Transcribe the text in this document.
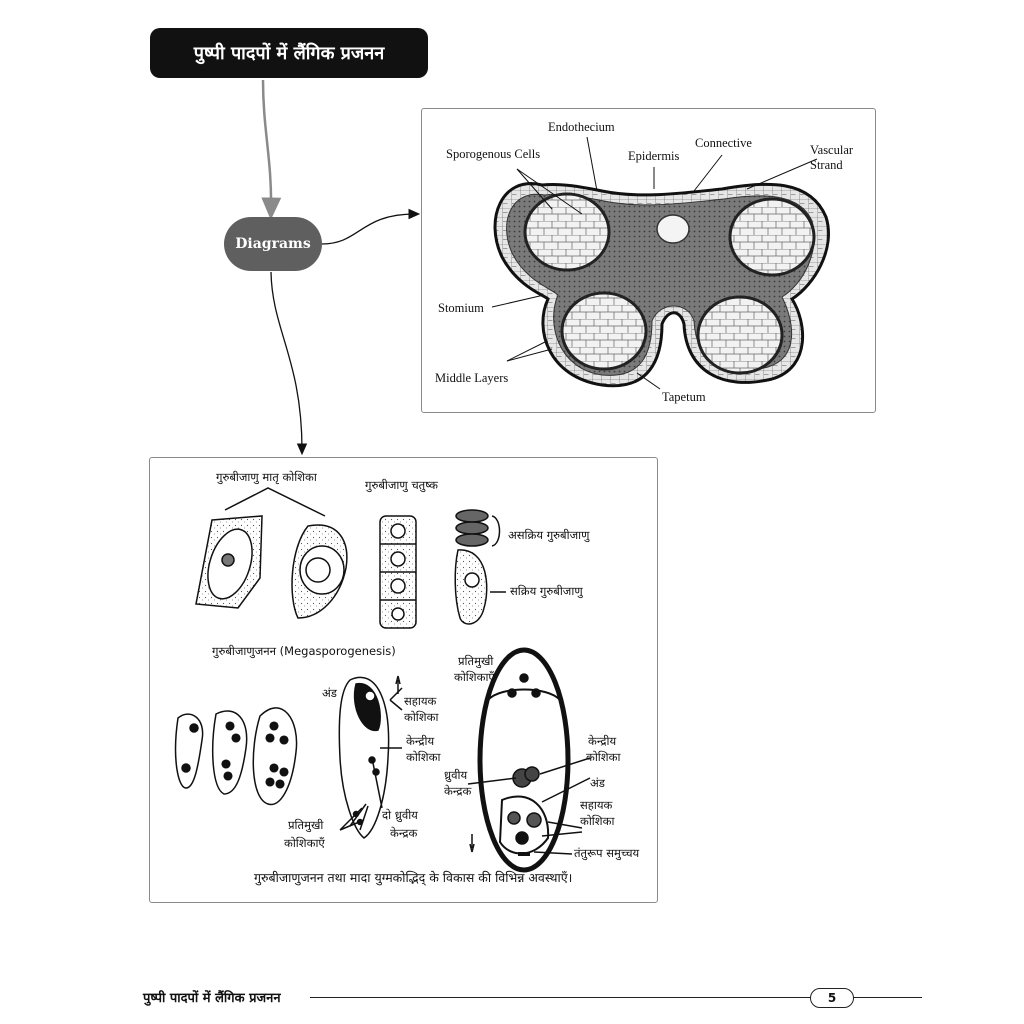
पुष्पी पादपों में लैंगिक प्रजनन
Diagrams
Endothecium
Sporogenous Cells	Epidermis
Connective	Vascular
Strand
Stomium
Middle Layers
Tapetum
गुरुबीजाणु मातृ कोशिका
गुरुबीजाणु चतुष्क
असक्रिय गुरुबीजाणु
सक्रिय गुरुबीजाणु
गुरुबीजाणुजनन (Megasporogenesis)
अंड
सहायक
कोशिका
केन्द्रीय
कोशिका
प्रतिमुखी
कोशिकाएँ
दो ध्रुवीय
केन्द्रक
प्रतिमुखी
कोशिकाएँ
केन्द्रीय
कोशिका
ध्रुवीय
केन्द्रक
अंड
सहायक
कोशिका
तंतुरूप समुच्चय
गुरुबीजाणुजनन तथा मादा युग्मकोद्भिद् के विकास की विभिन्न अवस्थाएँ।
पुष्पी पादपों में लैंगिक प्रजनन	5
